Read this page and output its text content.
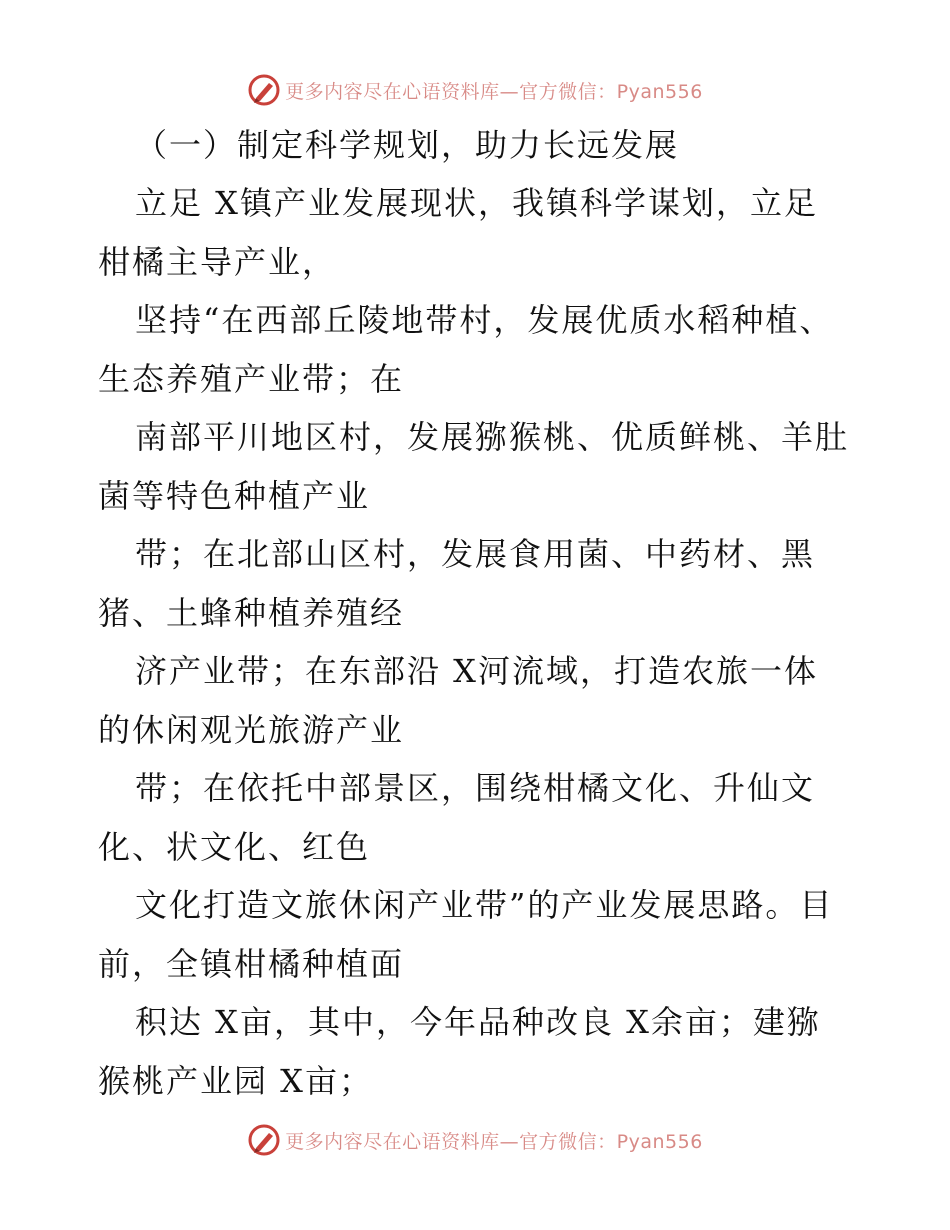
更多内容尽在心语资料库—官方微信：Pyan556
（一）制定科学规划，助力长远发展
立足 X镇产业发展现状，我镇科学谋划，立足
柑橘主导产业，
坚持“在西部丘陵地带村，发展优质水稻种植、
生态养殖产业带；在
南部平川地区村，发展猕猴桃、优质鲜桃、羊肚
菌等特色种植产业
带；在北部山区村，发展食用菌、中药材、黑
猪、土蜂种植养殖经
济产业带；在东部沿 X河流域，打造农旅一体
的休闲观光旅游产业
带；在依托中部景区，围绕柑橘文化、升仙文
化、状文化、红色
文化打造文旅休闲产业带”的产业发展思路。目
前，全镇柑橘种植面
积达 X亩，其中，今年品种改良 X余亩；建猕
猴桃产业园 X亩；
更多内容尽在心语资料库—官方微信：Pyan556
